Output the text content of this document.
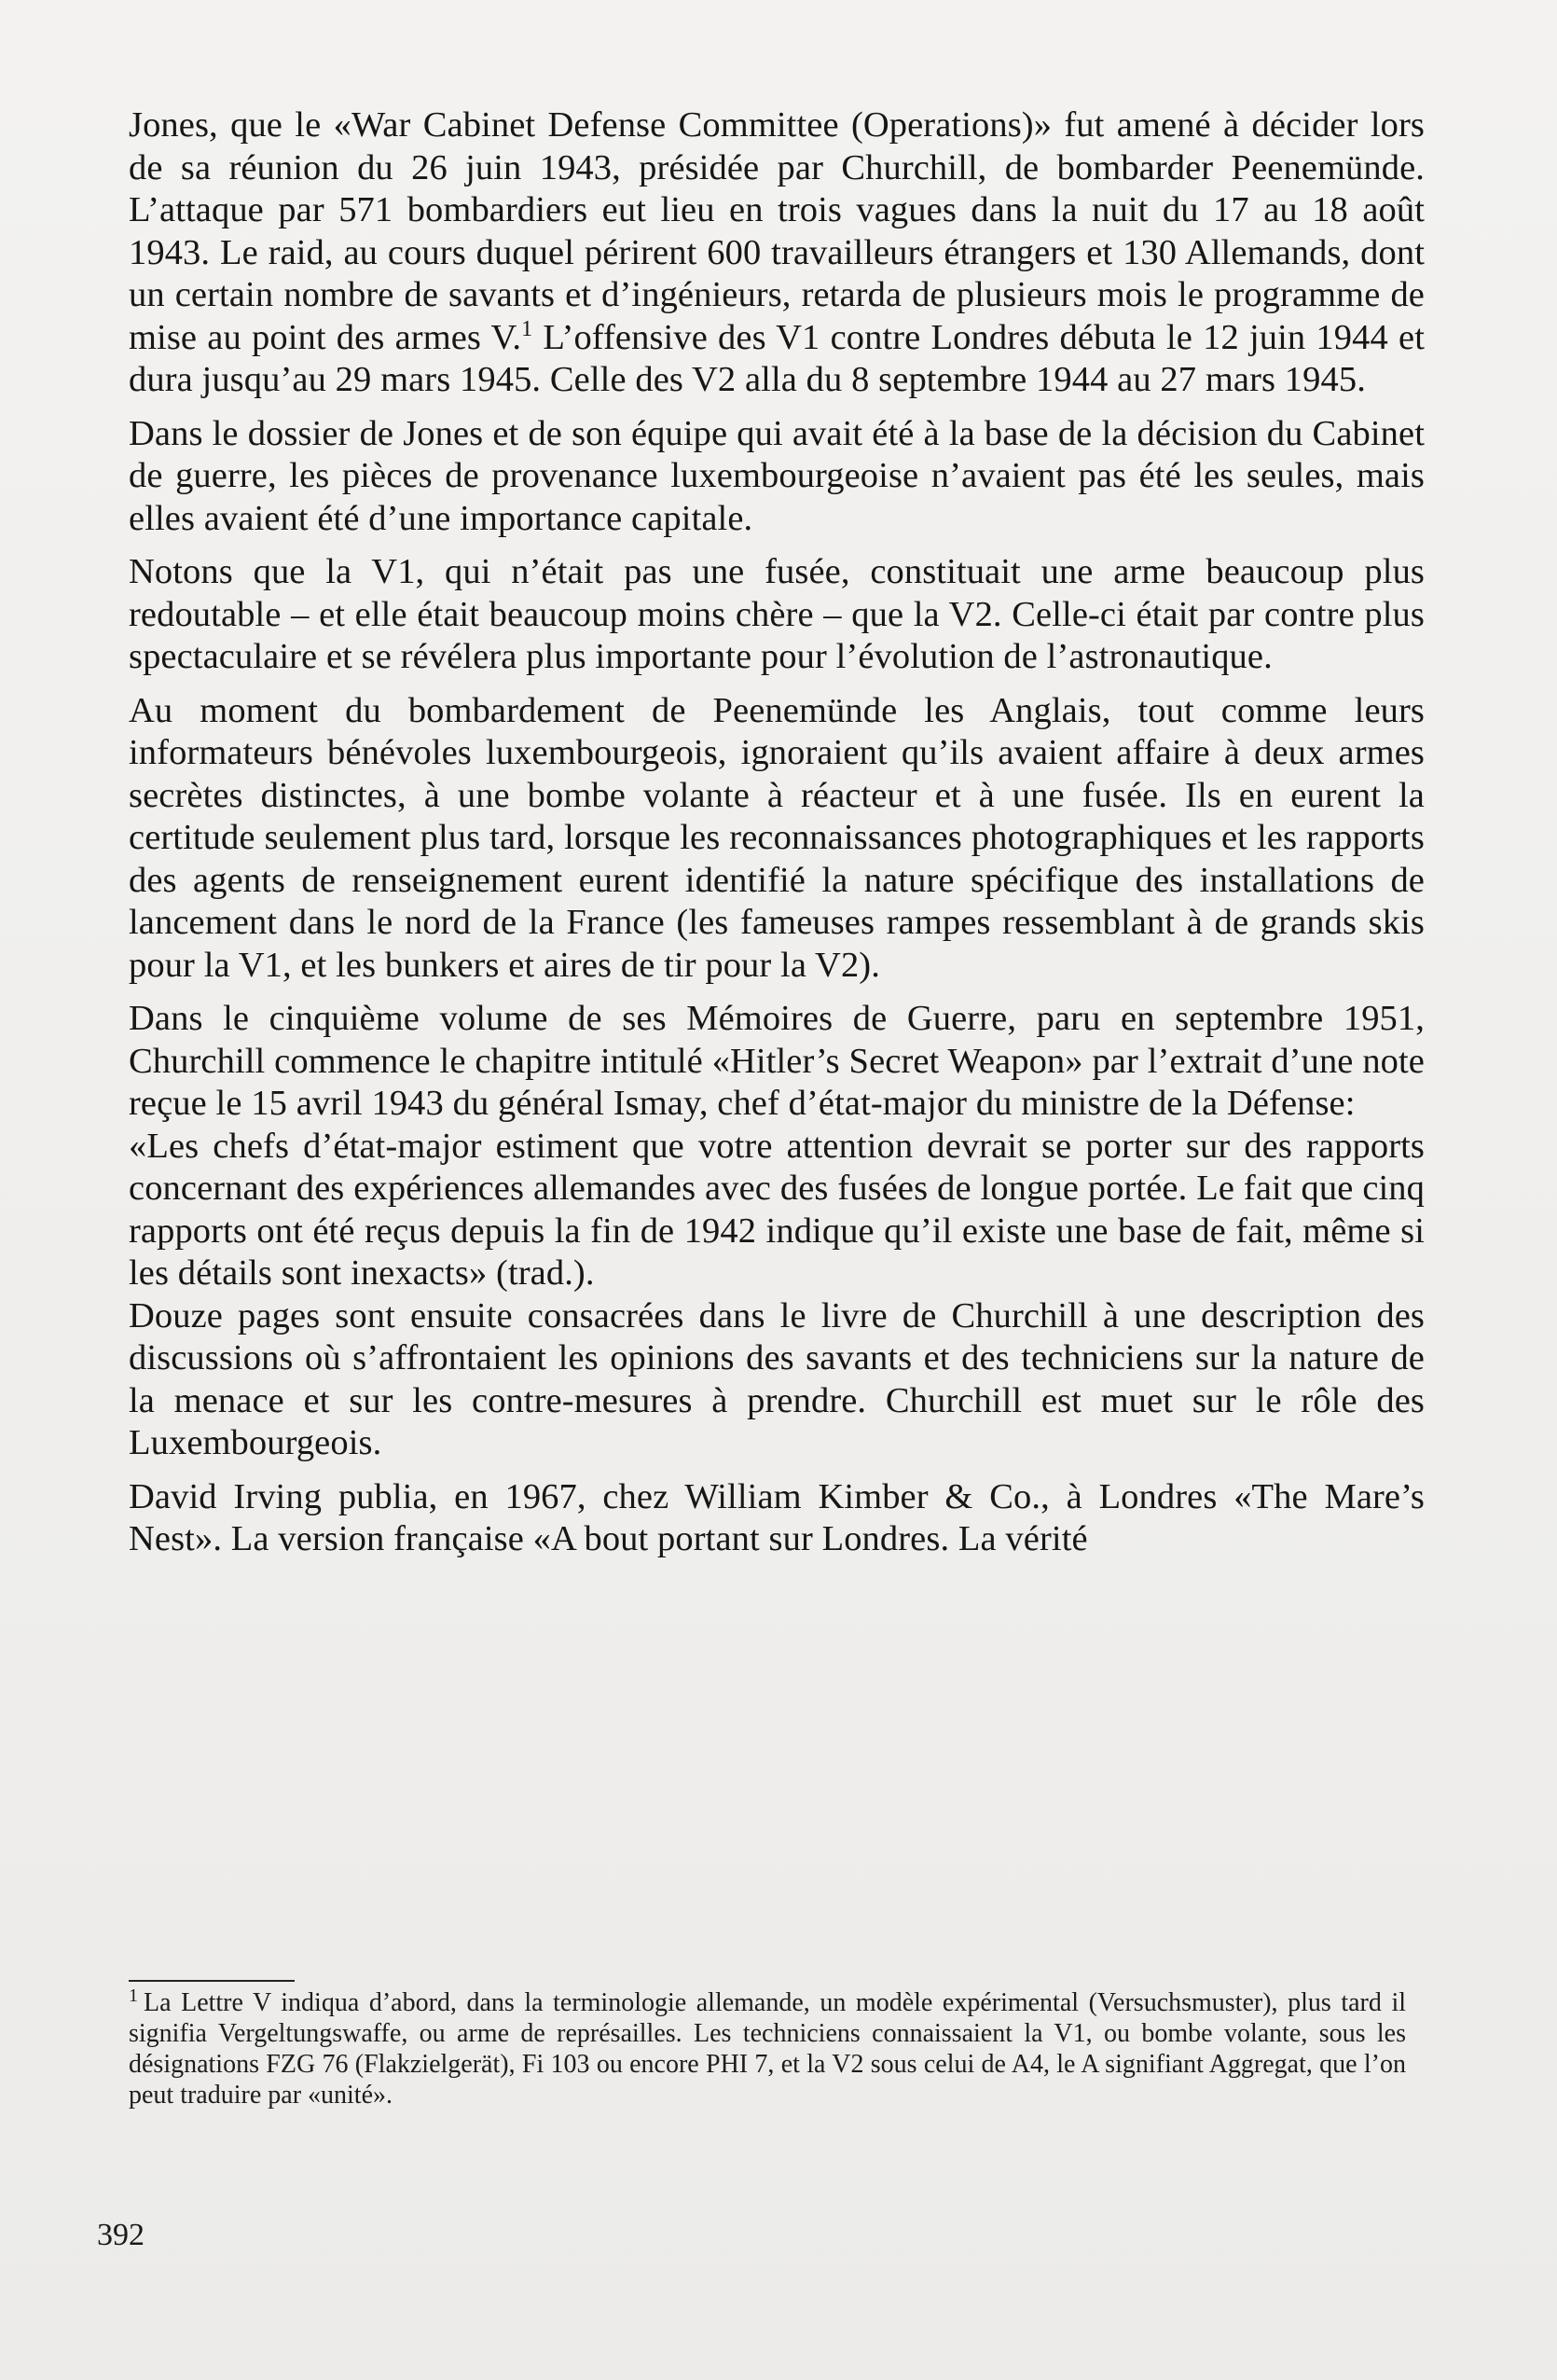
Jones, que le «War Cabinet Defense Committee (Operations)» fut amené à décider lors de sa réunion du 26 juin 1943, présidée par Churchill, de bombarder Peenemünde. L’attaque par 571 bombardiers eut lieu en trois vagues dans la nuit du 17 au 18 août 1943. Le raid, au cours duquel périrent 600 travailleurs étrangers et 130 Allemands, dont un certain nombre de savants et d’ingénieurs, retarda de plusieurs mois le programme de mise au point des armes V.$^1$ L’offensive des V1 contre Londres débuta le 12 juin 1944 et dura jusqu’au 29 mars 1945. Celle des V2 alla du 8 septembre 1944 au 27 mars 1945.

Dans le dossier de Jones et de son équipe qui avait été à la base de la décision du Cabinet de guerre, les pièces de provenance luxembourgeoise n’avaient pas été les seules, mais elles avaient été d’une importance capitale.

Notons que la V1, qui n’était pas une fusée, constituait une arme beaucoup plus redoutable – et elle était beaucoup moins chère – que la V2. Celle-ci était par contre plus spectaculaire et se révélera plus importante pour l’évolution de l’astronautique.

Au moment du bombardement de Peenemünde les Anglais, tout comme leurs informateurs bénévoles luxembourgeois, ignoraient qu’ils avaient affaire à deux armes secrètes distinctes, à une bombe volante à réacteur et à une fusée. Ils en eurent la certitude seulement plus tard, lorsque les reconnaissances photographiques et les rapports des agents de renseignement eurent identifié la nature spécifique des installations de lancement dans le nord de la France (les fameuses rampes ressemblant à de grands skis pour la V1, et les bunkers et aires de tir pour la V2).

Dans le cinquième volume de ses Mémoires de Guerre, paru en septembre 1951, Churchill commence le chapitre intitulé «Hitler’s Secret Weapon» par l’extrait d’une note reçue le 15 avril 1943 du général Ismay, chef d’état-major du ministre de la Défense:

«Les chefs d’état-major estiment que votre attention devrait se porter sur des rapports concernant des expériences allemandes avec des fusées de longue portée. Le fait que cinq rapports ont été reçus depuis la fin de 1942 indique qu’il existe une base de fait, même si les détails sont inexacts» (trad.).

Douze pages sont ensuite consacrées dans le livre de Churchill à une description des discussions où s’affrontaient les opinions des savants et des techniciens sur la nature de la menace et sur les contre-mesures à prendre. Churchill est muet sur le rôle des Luxembourgeois.

David Irving publia, en 1967, chez William Kimber & Co., à Londres «The Mare’s Nest». La version française «A bout portant sur Londres. La vérité

$^1$ La Lettre V indiqua d’abord, dans la terminologie allemande, un modèle expérimental (Versuchsmuster), plus tard il signifia Vergeltungswaffe, ou arme de représailles. Les techniciens connaissaient la V1, ou bombe volante, sous les désignations FZG 76 (Flakzielgerät), Fi 103 ou encore PHI 7, et la V2 sous celui de A4, le A signifiant Aggregat, que l’on peut traduire par «unité».
392
